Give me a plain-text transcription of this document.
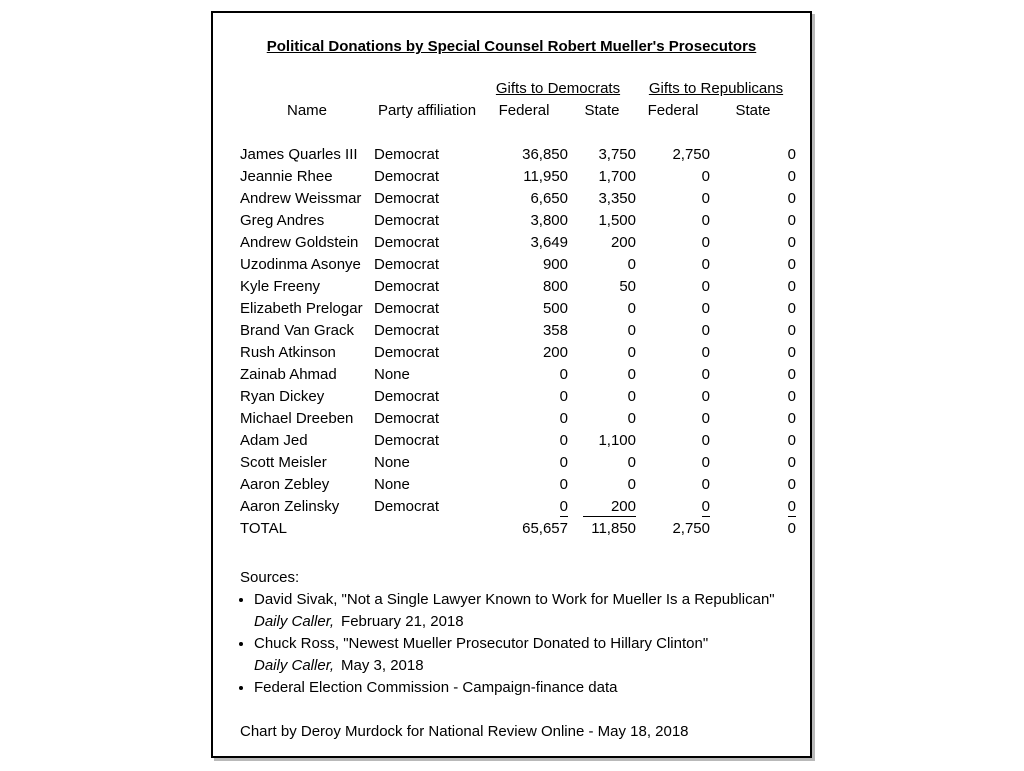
Political Donations by Special Counsel Robert Mueller's Prosecutors
		Gifts to Democrats		Gifts to Republicans	
Name	Party affiliation	Federal	State	Federal	State

James Quarles III	Democrat	36,850	3,750	2,750	0
Jeannie Rhee	Democrat	11,950	1,700	0	0
Andrew Weissmar	Democrat	6,650	3,350	0	0
Greg Andres	Democrat	3,800	1,500	0	0
Andrew Goldstein	Democrat	3,649	200	0	0
Uzodinma Asonye	Democrat	900	0	0	0
Kyle Freeny	Democrat	800	50	0	0
Elizabeth Prelogar	Democrat	500	0	0	0
Brand Van Grack	Democrat	358	0	0	0
Rush Atkinson	Democrat	200	0	0	0
Zainab Ahmad	None	0	0	0	0
Ryan Dickey	Democrat	0	0	0	0
Michael Dreeben	Democrat	0	0	0	0
Adam Jed	Democrat	0	1,100	0	0
Scott Meisler	None	0	0	0	0
Aaron Zebley	None	0	0	0	0
Aaron Zelinsky	Democrat	0	200	0	0
TOTAL		65,657	11,850	2,750	0
Sources:
• David Sivak, "Not a Single Lawyer Known to Work for Mueller Is a Republican"
Daily Caller, February 21, 2018
• Chuck Ross, "Newest Mueller Prosecutor Donated to Hillary Clinton"
Daily Caller, May 3, 2018
• Federal Election Commission - Campaign-finance data
Chart by Deroy Murdock for National Review Online - May 18, 2018
